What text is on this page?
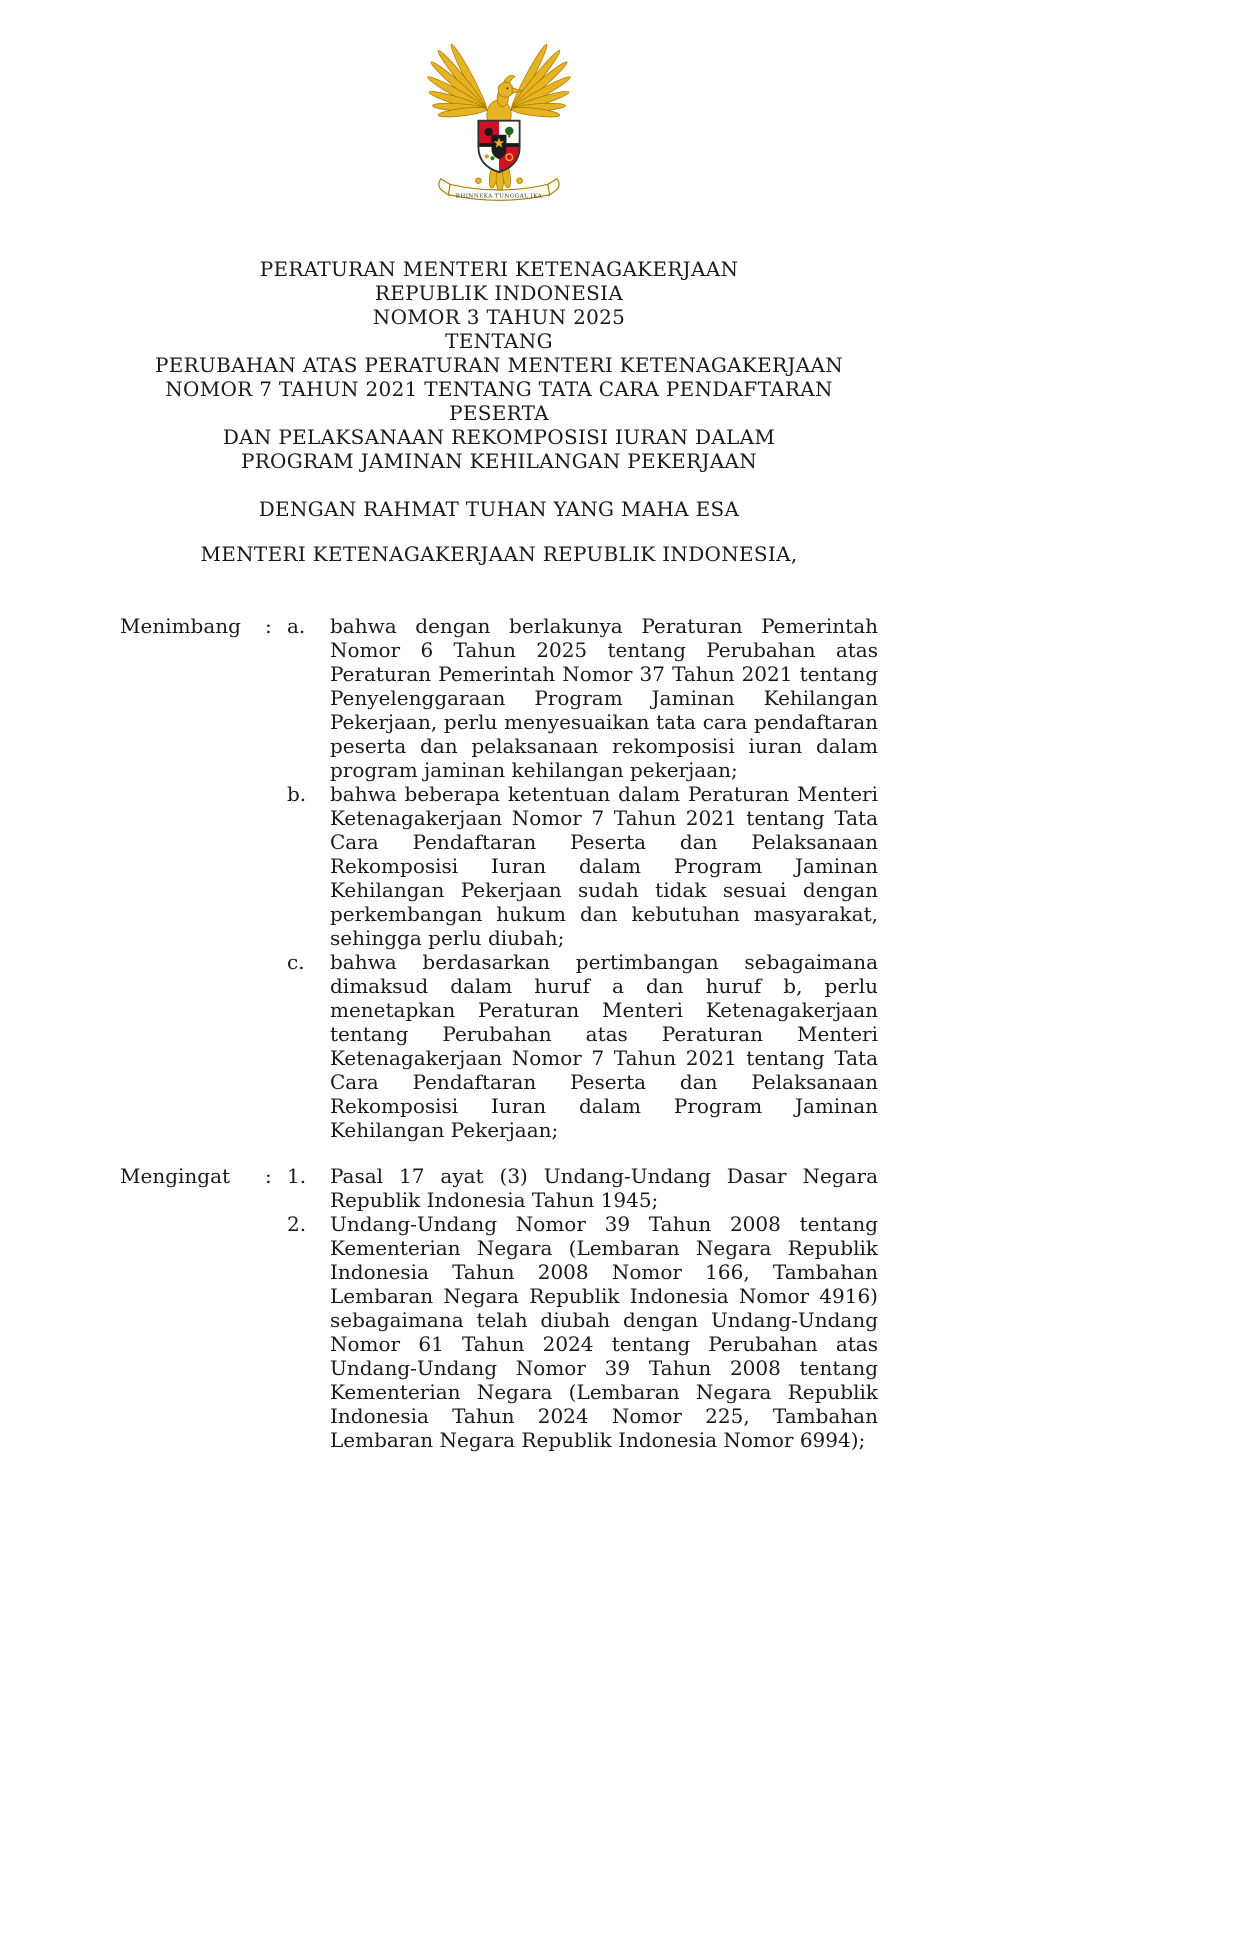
BHINNEKA TUNGGAL IKA
PERATURAN MENTERI KETENAGAKERJAAN
REPUBLIK INDONESIA
NOMOR 3 TAHUN 2025
TENTANG
PERUBAHAN ATAS PERATURAN MENTERI KETENAGAKERJAAN
NOMOR 7 TAHUN 2021 TENTANG TATA CARA PENDAFTARAN PESERTA
DAN PELAKSANAAN REKOMPOSISI IURAN DALAM
PROGRAM JAMINAN KEHILANGAN PEKERJAAN
DENGAN RAHMAT TUHAN YANG MAHA ESA
MENTERI KETENAGAKERJAAN REPUBLIK INDONESIA,
Menimbang	: a.	bahwa dengan berlakunya Peraturan Pemerintah Nomor 6 Tahun 2025 tentang Perubahan atas Peraturan Pemerintah Nomor 37 Tahun 2021 tentang Penyelenggaraan Program Jaminan Kehilangan Pekerjaan, perlu menyesuaikan tata cara pendaftaran peserta dan pelaksanaan rekomposisi iuran dalam program jaminan kehilangan pekerjaan;
b.	bahwa beberapa ketentuan dalam Peraturan Menteri Ketenagakerjaan Nomor 7 Tahun 2021 tentang Tata Cara Pendaftaran Peserta dan Pelaksanaan Rekomposisi Iuran dalam Program Jaminan Kehilangan Pekerjaan sudah tidak sesuai dengan perkembangan hukum dan kebutuhan masyarakat, sehingga perlu diubah;
c.	bahwa berdasarkan pertimbangan sebagaimana dimaksud dalam huruf a dan huruf b, perlu menetapkan Peraturan Menteri Ketenagakerjaan tentang Perubahan atas Peraturan Menteri Ketenagakerjaan Nomor 7 Tahun 2021 tentang Tata Cara Pendaftaran Peserta dan Pelaksanaan Rekomposisi Iuran dalam Program Jaminan Kehilangan Pekerjaan;
Mengingat	: 1.	Pasal 17 ayat (3) Undang-Undang Dasar Negara Republik Indonesia Tahun 1945;
2.	Undang-Undang Nomor 39 Tahun 2008 tentang Kementerian Negara (Lembaran Negara Republik Indonesia Tahun 2008 Nomor 166, Tambahan Lembaran Negara Republik Indonesia Nomor 4916) sebagaimana telah diubah dengan Undang-Undang Nomor 61 Tahun 2024 tentang Perubahan atas Undang-Undang Nomor 39 Tahun 2008 tentang Kementerian Negara (Lembaran Negara Republik Indonesia Tahun 2024 Nomor 225, Tambahan Lembaran Negara Republik Indonesia Nomor 6994);
